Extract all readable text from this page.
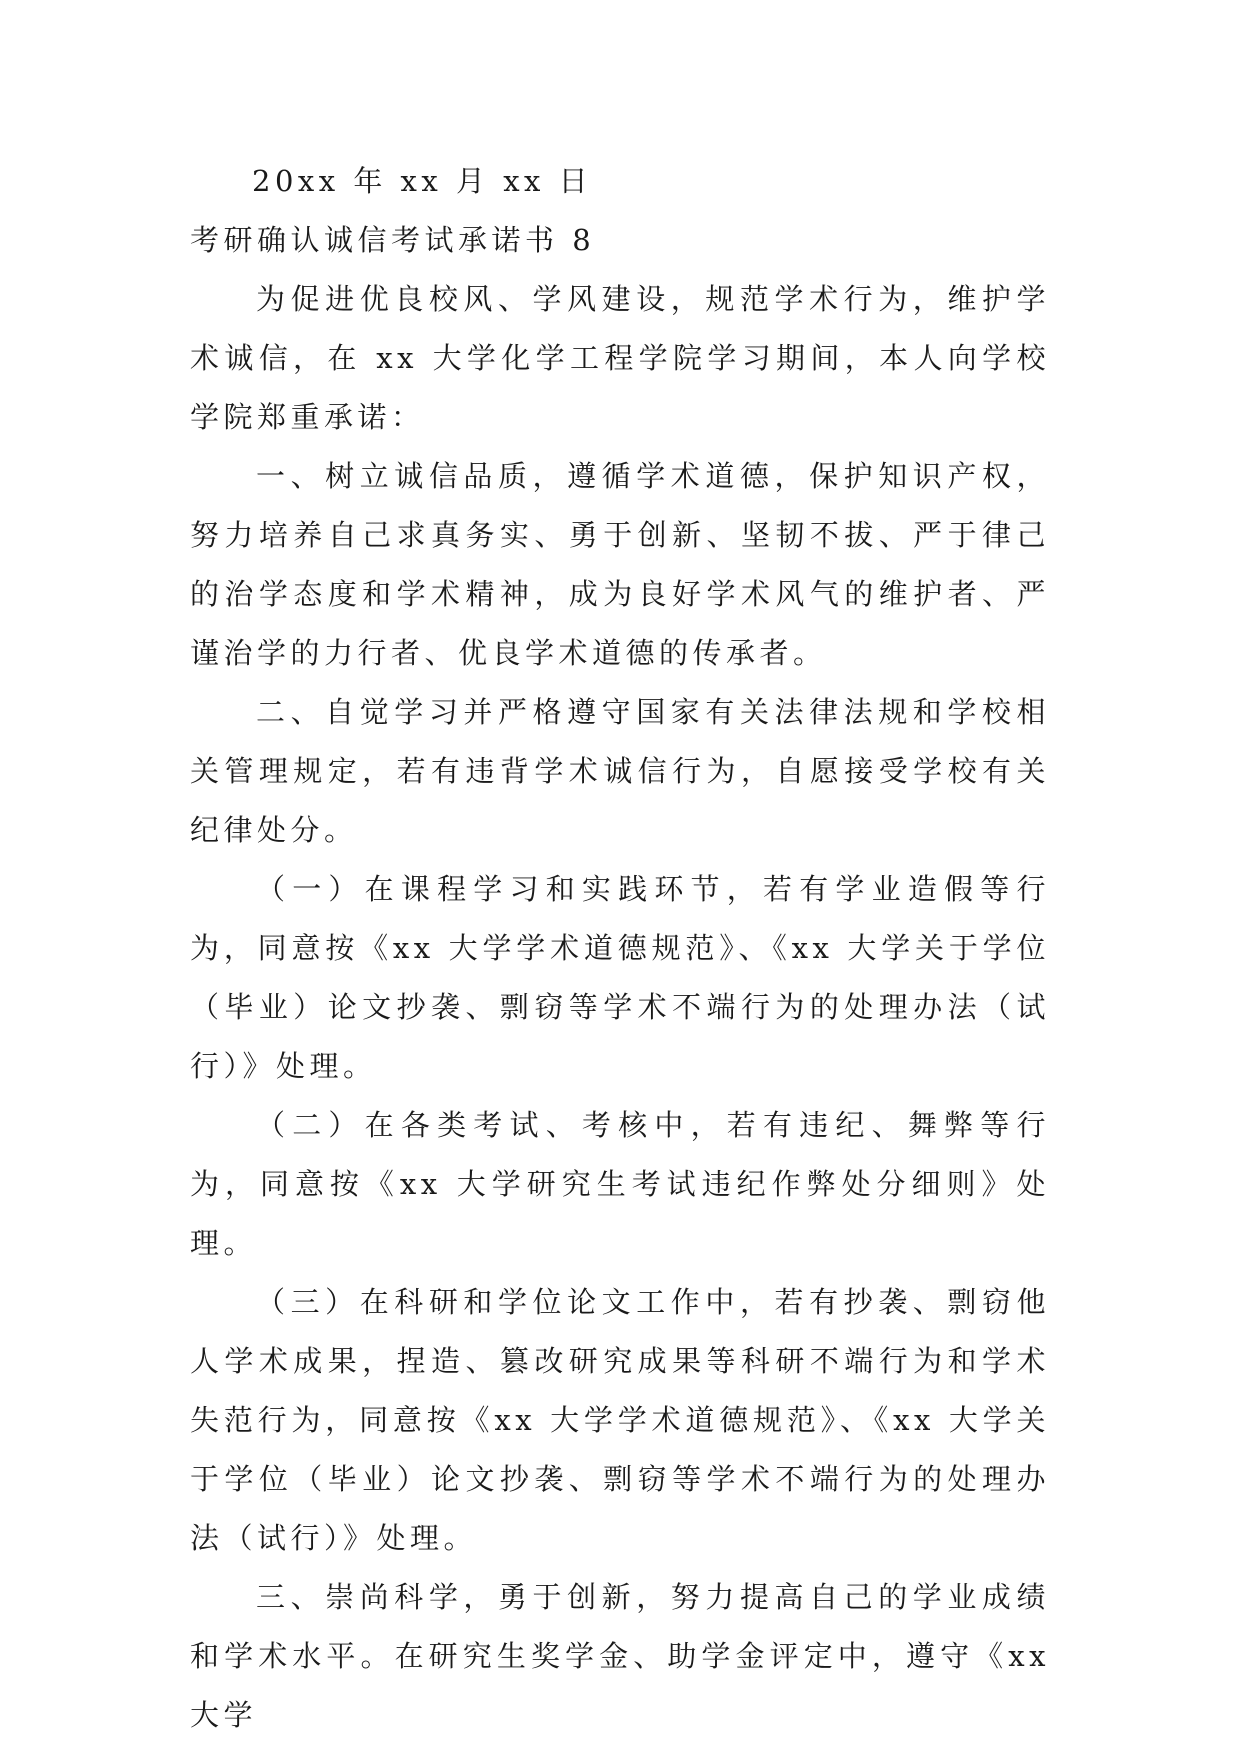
20xx 年 xx 月 xx 日

考研确认诚信考试承诺书 8

为促进优良校风、学风建设，规范学术行为，维护学术诚信，在 xx 大学化学工程学院学习期间，本人向学校学院郑重承诺：

一、树立诚信品质，遵循学术道德，保护知识产权，努力培养自己求真务实、勇于创新、坚韧不拔、严于律己的治学态度和学术精神，成为良好学术风气的维护者、严谨治学的力行者、优良学术道德的传承者。

二、自觉学习并严格遵守国家有关法律法规和学校相关管理规定，若有违背学术诚信行为，自愿接受学校有关纪律处分。

（一）在课程学习和实践环节，若有学业造假等行为，同意按《xx 大学学术道德规范》、《xx 大学关于学位（毕业）论文抄袭、剽窃等学术不端行为的处理办法（试行）》处理。

（二）在各类考试、考核中，若有违纪、舞弊等行为，同意按《xx 大学研究生考试违纪作弊处分细则》处理。

（三）在科研和学位论文工作中，若有抄袭、剽窃他人学术成果，捏造、篡改研究成果等科研不端行为和学术失范行为，同意按《xx 大学学术道德规范》、《xx 大学关于学位（毕业）论文抄袭、剽窃等学术不端行为的处理办法（试行）》处理。

三、崇尚科学，勇于创新，努力提高自己的学业成绩和学术水平。在研究生奖学金、助学金评定中，遵守《xx 大学
